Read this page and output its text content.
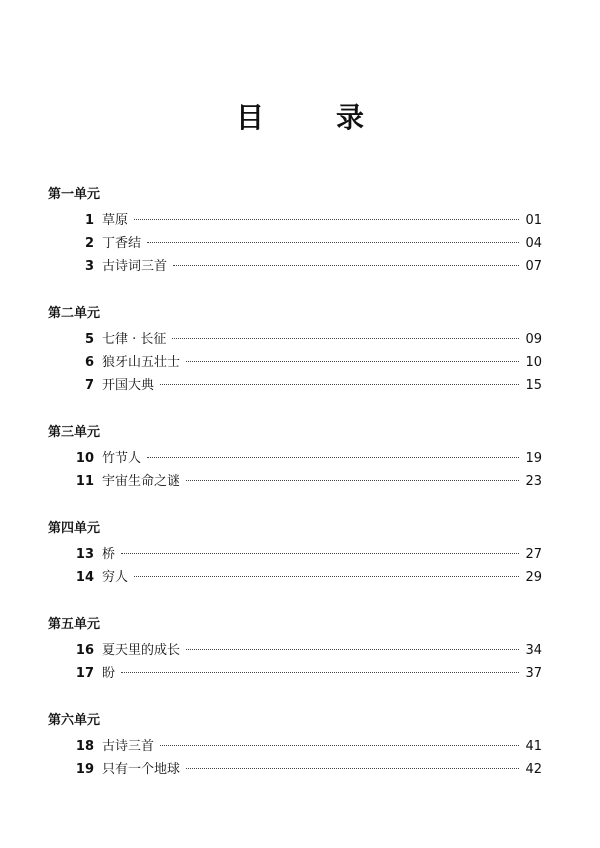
目　录
第一单元
1 草原	01
2 丁香结	04
3 古诗词三首	07
第二单元
5 七律 · 长征	09
6 狼牙山五壮士	10
7 开国大典	15
第三单元
10 竹节人	19
11 宇宙生命之谜	23
第四单元
13 桥	27
14 穷人	29
第五单元
16 夏天里的成长	34
17 盼	37
第六单元
18 古诗三首	41
19 只有一个地球	42
